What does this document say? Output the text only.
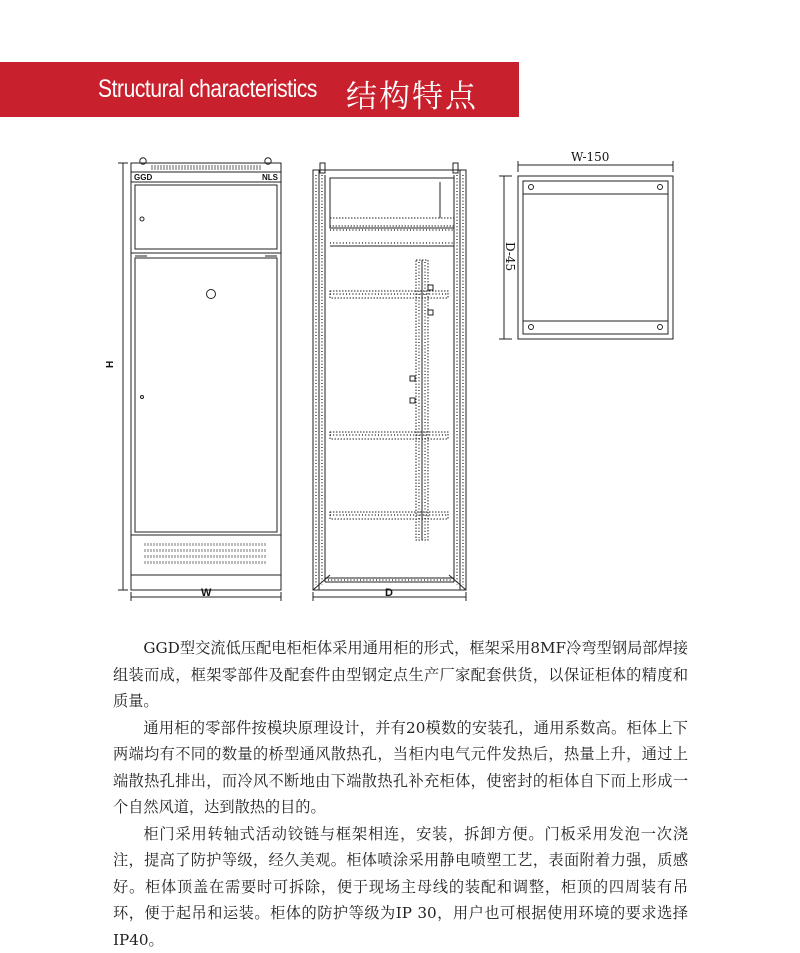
Structural characteristics 结构特点
GGD	NLS
H
W	D
W-150
D-45

GGD型交流低压配电柜柜体采用通用柜的形式，框架采用8MF冷弯型钢局部焊接组装而成，框架零部件及配套件由型钢定点生产厂家配套供货，以保证柜体的精度和质量。

通用柜的零部件按模块原理设计，并有20模数的安装孔，通用系数高。柜体上下两端均有不同的数量的桥型通风散热孔，当柜内电气元件发热后，热量上升，通过上端散热孔排出，而冷风不断地由下端散热孔补充柜体，使密封的柜体自下而上形成一个自然风道，达到散热的目的。

柜门采用转轴式活动铰链与框架相连，安装，拆卸方便。门板采用发泡一次浇注，提高了防护等级，经久美观。柜体喷涂采用静电喷塑工艺，表面附着力强，质感好。柜体顶盖在需要时可拆除，便于现场主母线的装配和调整，柜顶的四周装有吊环，便于起吊和运装。柜体的防护等级为IP 30，用户也可根据使用环境的要求选择IP40。
